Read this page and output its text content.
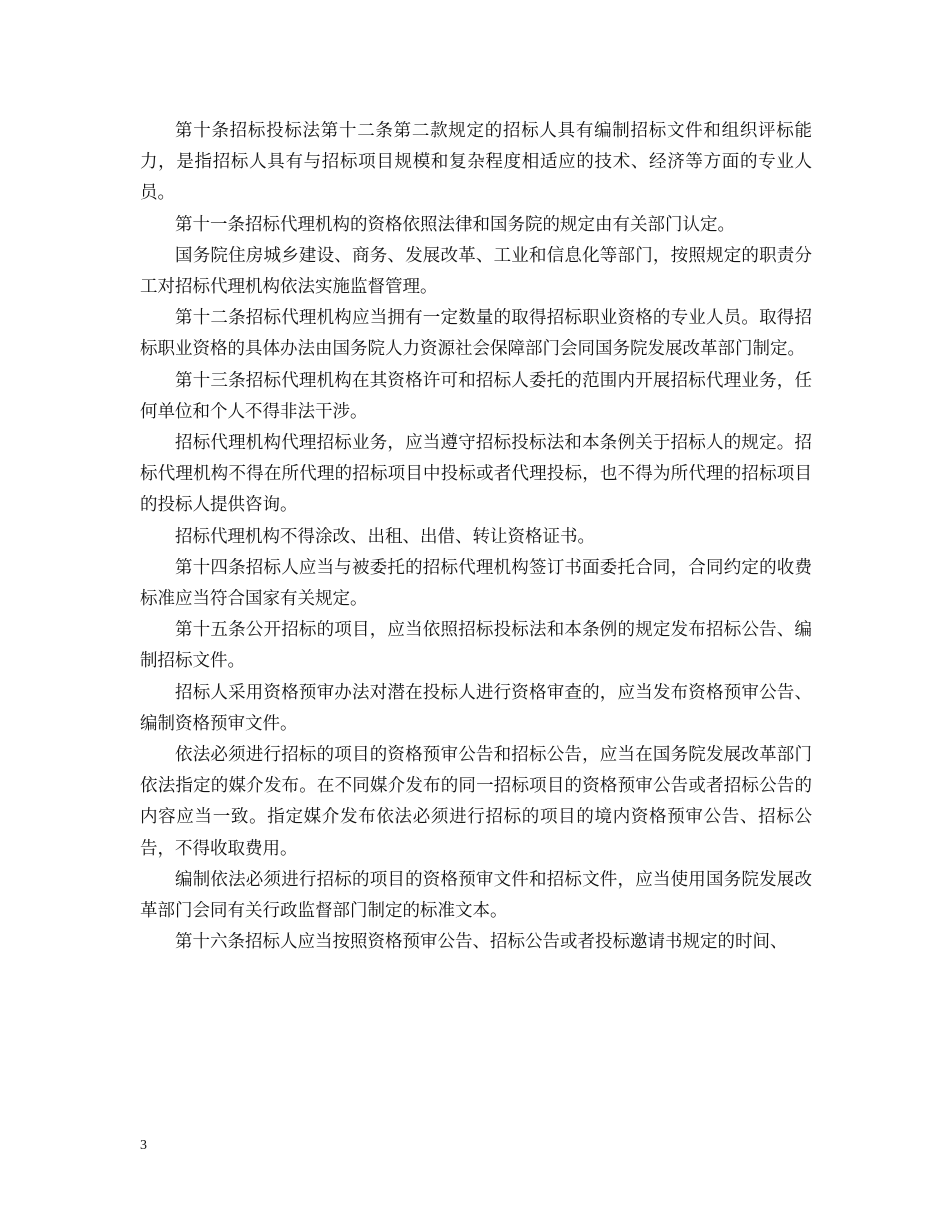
第十条招标投标法第十二条第二款规定的招标人具有编制招标文件和组织评标能力，是指招标人具有与招标项目规模和复杂程度相适应的技术、经济等方面的专业人员。

第十一条招标代理机构的资格依照法律和国务院的规定由有关部门认定。

国务院住房城乡建设、商务、发展改革、工业和信息化等部门，按照规定的职责分工对招标代理机构依法实施监督管理。

第十二条招标代理机构应当拥有一定数量的取得招标职业资格的专业人员。取得招标职业资格的具体办法由国务院人力资源社会保障部门会同国务院发展改革部门制定。

第十三条招标代理机构在其资格许可和招标人委托的范围内开展招标代理业务，任何单位和个人不得非法干涉。

招标代理机构代理招标业务，应当遵守招标投标法和本条例关于招标人的规定。招标代理机构不得在所代理的招标项目中投标或者代理投标，也不得为所代理的招标项目的投标人提供咨询。

招标代理机构不得涂改、出租、出借、转让资格证书。

第十四条招标人应当与被委托的招标代理机构签订书面委托合同，合同约定的收费标准应当符合国家有关规定。

第十五条公开招标的项目，应当依照招标投标法和本条例的规定发布招标公告、编制招标文件。

招标人采用资格预审办法对潜在投标人进行资格审查的，应当发布资格预审公告、编制资格预审文件。

依法必须进行招标的项目的资格预审公告和招标公告，应当在国务院发展改革部门依法指定的媒介发布。在不同媒介发布的同一招标项目的资格预审公告或者招标公告的内容应当一致。指定媒介发布依法必须进行招标的项目的境内资格预审公告、招标公告，不得收取费用。

编制依法必须进行招标的项目的资格预审文件和招标文件，应当使用国务院发展改革部门会同有关行政监督部门制定的标准文本。

第十六条招标人应当按照资格预审公告、招标公告或者投标邀请书规定的时间、

3
